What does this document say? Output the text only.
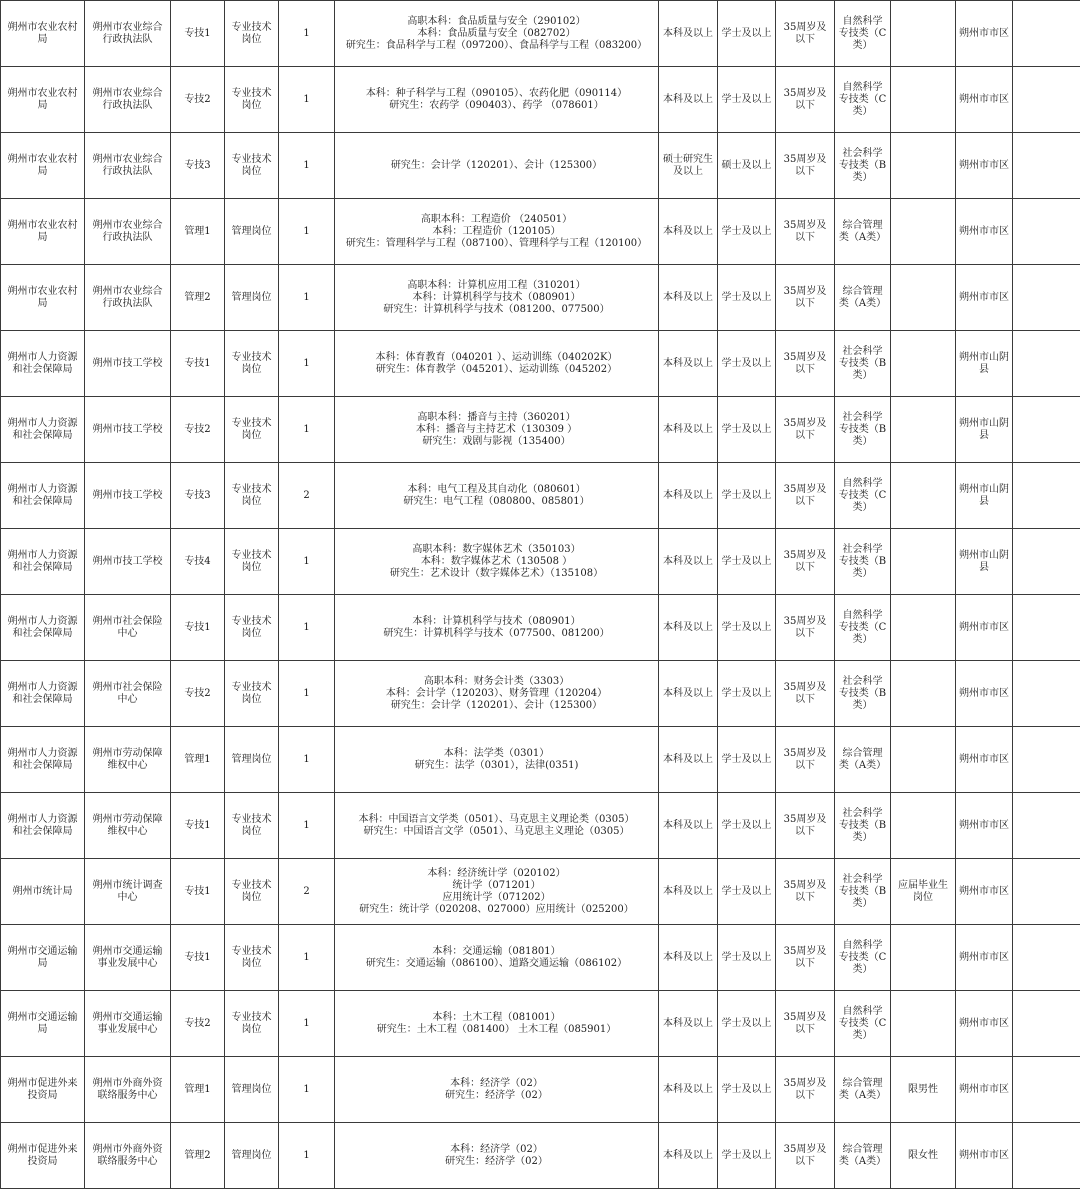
朔州市农业农村局	朔州市农业综合行政执法队	专技1	专业技术岗位	1	高职本科：食品质量与安全（290102）
本科：食品质量与安全（082702）
研究生：食品科学与工程（097200）、食品科学与工程（083200）	本科及以上	学士及以上	35周岁及以下	自然科学专技类（C类）		朔州市市区	
朔州市农业农村局	朔州市农业综合行政执法队	专技2	专业技术岗位	1	本科：种子科学与工程（090105）、农药化肥（090114）
研究生：农药学（090403）、药学 （078601）	本科及以上	学士及以上	35周岁及以下	自然科学专技类（C类）		朔州市市区	
朔州市农业农村局	朔州市农业综合行政执法队	专技3	专业技术岗位	1	研究生：会计学（120201）、会计（125300）	硕士研究生及以上	硕士及以上	35周岁及以下	社会科学专技类（B类）		朔州市市区	
朔州市农业农村局	朔州市农业综合行政执法队	管理1	管理岗位	1	高职本科：工程造价 （240501）
本科：工程造价（120105）
研究生：管理科学与工程（087100）、管理科学与工程（120100）	本科及以上	学士及以上	35周岁及以下	综合管理类（A类）		朔州市市区	
朔州市农业农村局	朔州市农业综合行政执法队	管理2	管理岗位	1	高职本科：计算机应用工程（310201）
本科：计算机科学与技术（080901）
研究生：计算机科学与技术（081200、077500）	本科及以上	学士及以上	35周岁及以下	综合管理类（A类）		朔州市市区	
朔州市人力资源和社会保障局	朔州市技工学校	专技1	专业技术岗位	1	本科：体育教育（040201 ）、运动训练（040202K）
研究生：体育教学（045201）、运动训练（045202）	本科及以上	学士及以上	35周岁及以下	社会科学专技类（B类）		朔州市山阴县	
朔州市人力资源和社会保障局	朔州市技工学校	专技2	专业技术岗位	1	高职本科：播音与主持（360201）
本科：播音与主持艺术（130309 ）
研究生：戏剧与影视（135400）	本科及以上	学士及以上	35周岁及以下	社会科学专技类（B类）		朔州市山阴县	
朔州市人力资源和社会保障局	朔州市技工学校	专技3	专业技术岗位	2	本科：电气工程及其自动化（080601）
研究生：电气工程（080800、085801）	本科及以上	学士及以上	35周岁及以下	自然科学专技类（C类）		朔州市山阴县	
朔州市人力资源和社会保障局	朔州市技工学校	专技4	专业技术岗位	1	高职本科：数字媒体艺术（350103）
本科：数字媒体艺术（130508 ）
研究生：艺术设计（数字媒体艺术）（135108）	本科及以上	学士及以上	35周岁及以下	社会科学专技类（B类）		朔州市山阴县	
朔州市人力资源和社会保障局	朔州市社会保险中心	专技1	专业技术岗位	1	本科：计算机科学与技术（080901）
研究生：计算机科学与技术（077500、081200）	本科及以上	学士及以上	35周岁及以下	自然科学专技类（C类）		朔州市市区	
朔州市人力资源和社会保障局	朔州市社会保险中心	专技2	专业技术岗位	1	高职本科：财务会计类（3303）
本科：会计学（120203）、财务管理（120204）
研究生：会计学（120201）、会计（125300）	本科及以上	学士及以上	35周岁及以下	社会科学专技类（B类）		朔州市市区	
朔州市人力资源和社会保障局	朔州市劳动保障维权中心	管理1	管理岗位	1	本科：法学类（0301）
研究生：法学（0301），法律(0351)	本科及以上	学士及以上	35周岁及以下	综合管理类（A类）		朔州市市区	
朔州市人力资源和社会保障局	朔州市劳动保障维权中心	专技1	专业技术岗位	1	本科：中国语言文学类（0501）、马克思主义理论类（0305）
研究生：中国语言文学（0501）、马克思主义理论（0305）	本科及以上	学士及以上	35周岁及以下	社会科学专技类（B类）		朔州市市区	
朔州市统计局	朔州市统计调查中心	专技1	专业技术岗位	2	本科：经济统计学（020102）
统计学（071201）
应用统计学（071202）
研究生：统计学（020208、027000）应用统计（025200）	本科及以上	学士及以上	35周岁及以下	社会科学专技类（B类）	应届毕业生岗位	朔州市市区	
朔州市交通运输局	朔州市交通运输事业发展中心	专技1	专业技术岗位	1	本科：交通运输（081801）
研究生：交通运输（086100）、道路交通运输（086102）	本科及以上	学士及以上	35周岁及以下	自然科学专技类（C类）		朔州市市区	
朔州市交通运输局	朔州市交通运输事业发展中心	专技2	专业技术岗位	1	本科：土木工程（081001）
研究生：土木工程（081400） 土木工程（085901）	本科及以上	学士及以上	35周岁及以下	自然科学专技类（C类）		朔州市市区	
朔州市促进外来投资局	朔州市外商外资联络服务中心	管理1	管理岗位	1	本科：经济学（02）
研究生：经济学（02）	本科及以上	学士及以上	35周岁及以下	综合管理类（A类）	限男性	朔州市市区	
朔州市促进外来投资局	朔州市外商外资联络服务中心	管理2	管理岗位	1	本科：经济学（02）
研究生：经济学（02）	本科及以上	学士及以上	35周岁及以下	综合管理类（A类）	限女性	朔州市市区	
